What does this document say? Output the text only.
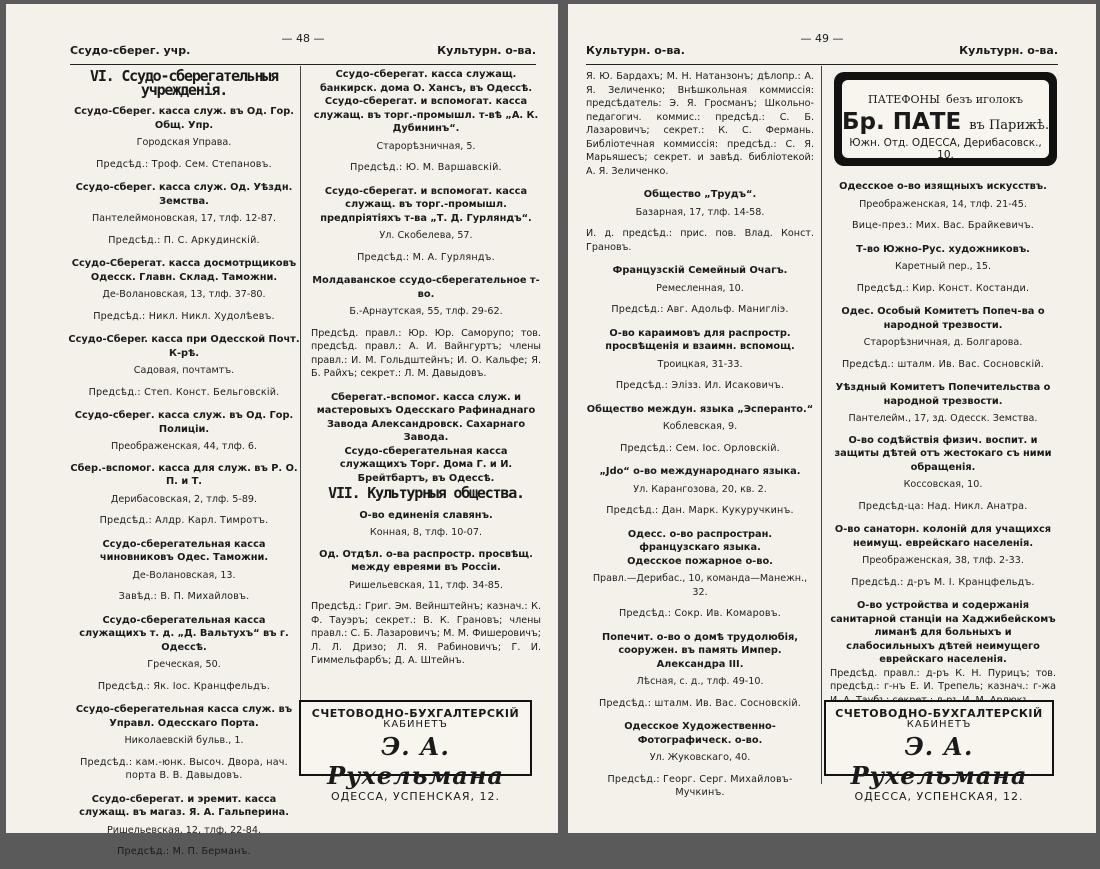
Ссудо-сберег. учр.
— 48 —
Культурн. о-ва.
VI. Ссудо-сберегательныя учрежденія.
Ссудо-Сберег. касса служ. въ Од. Гор. Общ. Упр.
Городская Управа.
Предсѣд.: Троф. Сем. Степановъ.
Ссудо-сберег. касса служ. Од. Уѣздн. Земства.
Пантелеймоновская, 17, тлф. 12-87.
Предсѣд.: П. С. Аркудинскій.
Ссудо-Сберегат. касса досмотрщиковъ Одесск. Главн. Склад. Таможни.
Де-Волановская, 13, тлф. 37-80.
Предсѣд.: Никл. Никл. Худолѣевъ.
Ссудо-Сбереr. касса при Одесской Почт. К-рѣ.
Садовая, почтамтъ.
Предсѣд.: Степ. Конст. Бельговскій.
Ссудо-сберег. касса служ. въ Од. Гор. Полиціи.
Преображенская, 44, тлф. 6.
Сбер.-вспомог. касса для служ. въ Р. О. П. и Т.
Дерибасовская, 2, тлф. 5-89.
Предсѣд.: Алдр. Карл. Тимротъ.
Ссудо-сберегательная касса чиновниковъ Одес. Таможни.
Де-Волановская, 13.
Завѣд.: В. П. Михайловъ.
Ссудо-сберегательная касса служащихъ т. д. „Д. Вальтухъ“ въ г. Одессѣ.
Греческая, 50.
Предсѣд.: Як. Іос. Кранцфельдъ.
Ссудо-сберегательная касса служ. въ Управл. Одесскаго Порта.
Николаевскій бульв., 1.
Предсѣд.: кам.-юнк. Высоч. Двора, нач. порта В. В. Давыдовъ.
Ссудо-сберегат. и эремит. касса служащ. въ магаз. Я. А. Гальперина.
Ришельевская, 12, тлф. 22-84.
Предсѣд.: М. П. Берманъ.
Ссудо-сберегат. касса служащ. банкирск. дома О. Хансъ, въ Одессѣ.
Ссудо-сберегат. и вспомогат. касса служащ. въ торг.-промышл. т-вѣ „А. К. Дубининъ“.
Старорѣзничная, 5.
Предсѣд.: Ю. М. Варшавскій.
Ссудо-сберегат. и вспомогат. касса служащ. въ торг.-промышл. предпріятіяхъ т-ва „Т. Д. Гурляндъ“.
Ул. Скобелева, 57.
Предсѣд.: М. А. Гурляндъ.
Молдаванское ссудо-сберегательное т-во.
Б.-Арнаутская, 55, тлф. 29-62.
Предсѣд. правл.: Юр. Юр. Саморупо; тов. предсѣд. правл.: А. И. Вайнгуртъ; члены правл.: И. М. Гольдштейнъ; И. О. Кальфе; Я. Б. Райхъ; секрет.: Л. М. Давыдовъ.
Сберегат.-вспомог. касса служ. и мастеровыхъ Одесскаго Рафинаднаго Завода Александровск. Сахарнаго Завода.
Ссудо-сберегательная касса служащихъ Торг. Дома Г. и И. Брейтбартъ, въ Одессѣ.
VII. Культурныя общества.
О-во единенія славянъ.
Конная, 8, тлф. 10-07.
Од. Отдѣл. о-ва распростр. просвѣщ. между евреями въ Россіи.
Ришельевская, 11, тлф. 34-85.
Предсѣд.: Григ. Эм. Вейнштейнъ; казнач.: К. Ф. Тауэръ; секрет.: В. К. Грановъ; члены правл.: С. Б. Лазаровичъ; М. М. Фишеровичъ; Л. Л. Дризо; Л. Я. Рабиновичъ; Г. И. Гиммельфарбъ; Д. А. Штейнъ.
СЧЕТОВОДНО-БУХГАЛТЕРСКІЙ
КАБИНЕТЪ
Э. А. Рухельмана
ОДЕССА, УСПЕНСКАЯ, 12.
Культурн. о-ва.
— 49 —
Культурн. о-ва.
Я. Ю. Бардахъ; М. Н. Натанзонъ; дѣлопр.: А. Я. Зеличенко; Внѣшкольная коммиссія: предсѣдатель: Э. Я. Гросманъ; Школьно-педагогич. коммис.: предсѣд.: С. Б. Лазаровичъ; секрет.: К. С. Фермань. Библіотечная коммиссія: предсѣд.: С. Я. Марьяшесъ; секрет. и завѣд. библіотекой: А. Я. Зеличенко.
Общество „Трудъ“.
Базарная, 17, тлф. 14-58.
И. д. предсѣд.: прис. пов. Влад. Конст. Грановъ.
Французскій Семейный Очагъ.
Ремесленная, 10.
Предсѣд.: Авг. Адольф. Манигліэ.
О-во караимовъ для распростр. просвѣщенія и взаимн. вспомощ.
Троицкая, 31-33.
Предсѣд.: Элізз. Ил. Исаковичъ.
Общество междун. языка „Эсперанто.“
Коблевская, 9.
Предсѣд.: Сем. Іос. Орловскій.
„Jdo“ о-во международнаго языка.
Ул. Карангозова, 20, кв. 2.
Предсѣд.: Дан. Марк. Кукуручкинъ.
Одесс. о-во распростран. французскаго языка.
Одесское пожарное о-во.
Правл.—Дерибас., 10, команда—Манежн., 32.
Предсѣд.: Сокр. Ив. Комаровъ.
Попечит. о-во о домѣ трудолюбія, сооружен. въ память Импер. Александра III.
Лѣсная, с. д., тлф. 49-10.
Предсѣд.: шталм. Ив. Вас. Сосновскій.
Одесское Художественно-Фотографическ. о-во.
Ул. Жуковскаго, 40.
Предсѣд.: Георг. Серг. Михайловъ-Мучкинъ.
ПАТЕФОНЫ безъ иголокъ
Бр. ПАТЕ въ Парижѣ.
Южн. Отд. ОДЕССА, Дерибасовск., 10.
Одесское о-во изящныхъ искусствъ.
Преображенская, 14, тлф. 21-45.
Вице-през.: Мих. Вас. Брайкевичъ.
Т-во Южно-Рус. художниковъ.
Каретный пер., 15.
Предсѣд.: Кир. Конст. Костанди.
Одес. Особый Комитетъ Попеч-ва о народной трезвости.
Старорѣзничная, д. Болгарова.
Предсѣд.: шталм. Ив. Вас. Сосновскій.
Уѣздный Комитетъ Попечительства о народной трезвости.
Пантелейм., 17, зд. Одесск. Земства.
О-во содѣйствія физич. воспит. и защиты дѣтей отъ жестокаго съ ними обращенія.
Коссовская, 10.
Предсѣд-ца: Над. Никл. Анатра.
О-во санаторн. колоній для учащихся неимущ. еврейскаго населенія.
Преображенская, 38, тлф. 2-33.
Предсѣд.: д-ръ М. І. Кранцфельдъ.
О-во устройства и содержанія санитарной станціи на Хаджибейскомъ лиманѣ для больныхъ и слабосильныхъ дѣтей неимущего еврейскаго населенія.
Предсѣд. правл.: д-ръ К. Н. Пурицъ; тов. предсѣд.: г-нъ Е. И. Трепель; казнач.: г-жа
СЧЕТОВОДНО-БУХГАЛТЕРСКІЙ
КАБИНЕТЪ
Э. А. Рухельмана
ОДЕССА, УСПЕНСКАЯ, 12.
